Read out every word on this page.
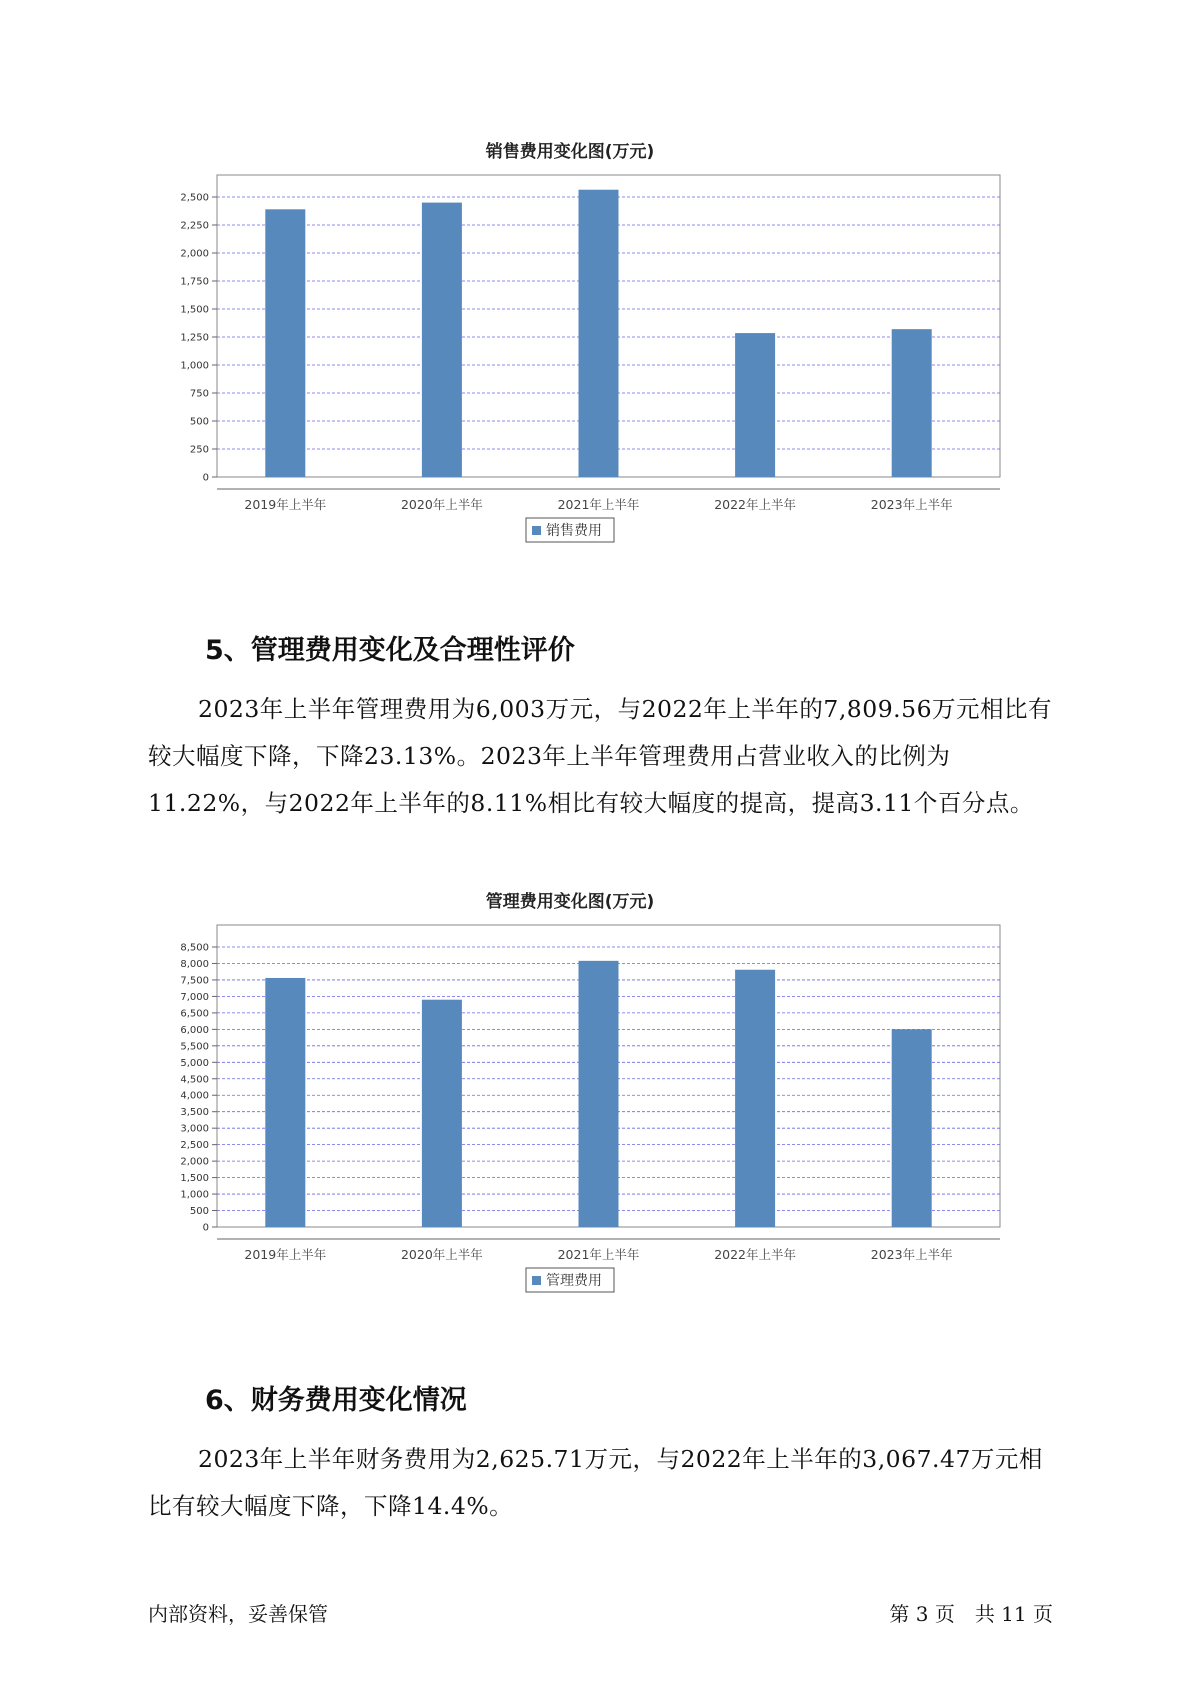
销售费用变化图(万元)
0
250
500
750
1,000
1,250
1,500
1,750
2,000
2,250
2,500
2019年上半年	2020年上半年	2021年上半年	2022年上半年	2023年上半年
销售费用
5、管理费用变化及合理性评价

2023年上半年管理费用为6,003万元，与2022年上半年的7,809.56万元相比有较大幅度下降，下降23.13%。2023年上半年管理费用占营业收入的比例为11.22%，与2022年上半年的8.11%相比有较大幅度的提高，提高3.11个百分点。

管理费用变化图(万元)
0
500
1,000
1,500
2,000
2,500
3,000
3,500
4,000
4,500
5,000
5,500
6,000
6,500
7,000
7,500
8,000
8,500
2019年上半年	2020年上半年	2021年上半年	2022年上半年	2023年上半年
管理费用
6、财务费用变化情况

2023年上半年财务费用为2,625.71万元，与2022年上半年的3,067.47万元相比有较大幅度下降，下降14.4%。

内部资料，妥善保管	第 3 页　共 11 页
